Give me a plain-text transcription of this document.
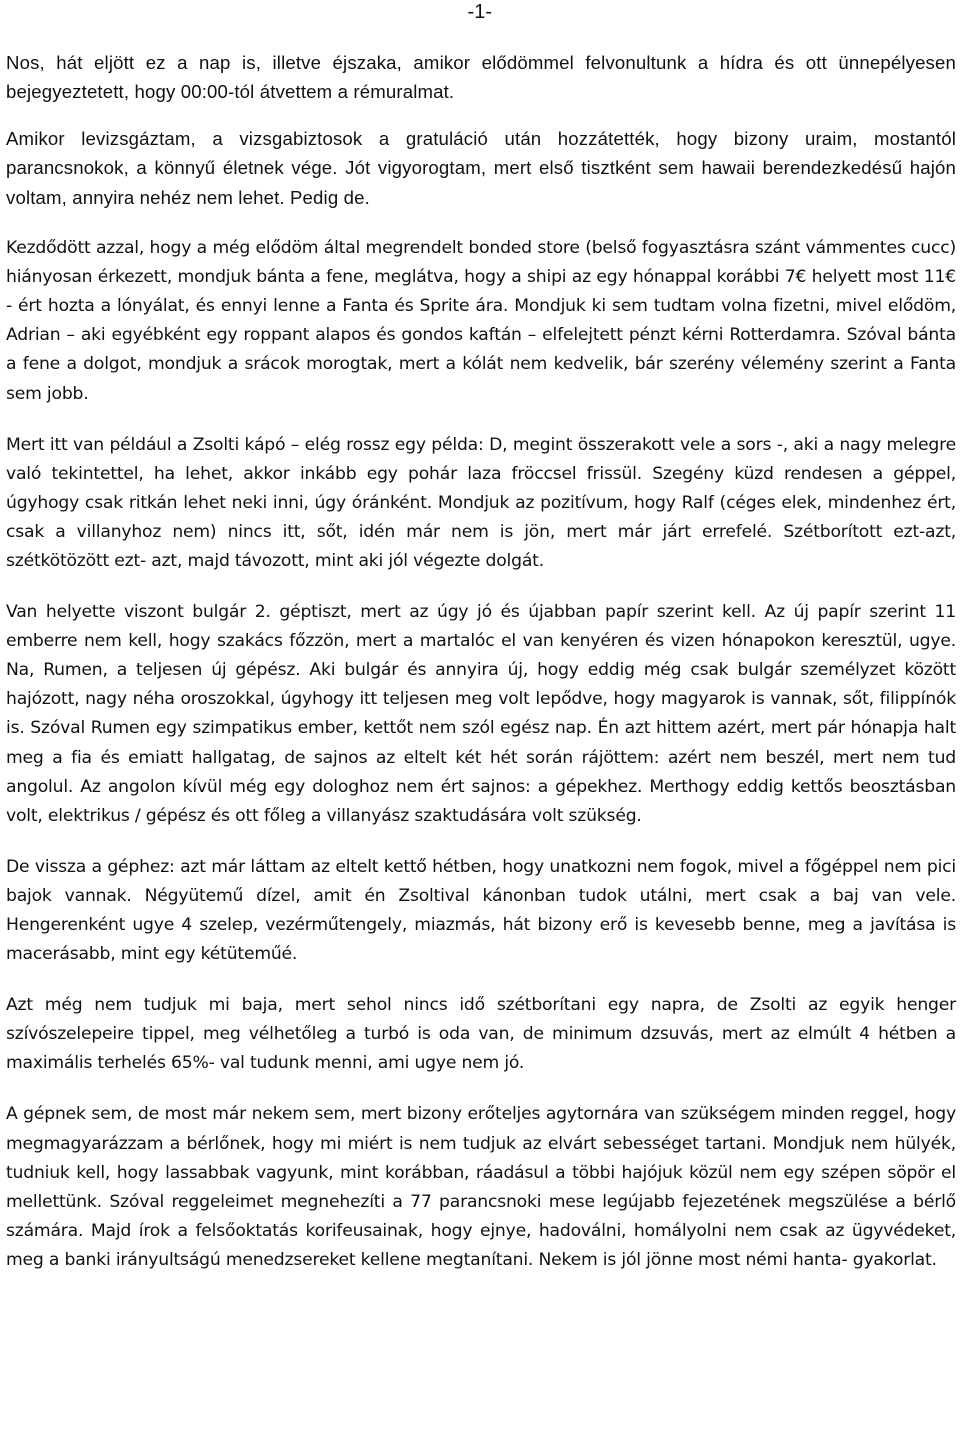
-1-

Nos, hát eljött ez a nap is, illetve éjszaka, amikor elődömmel felvonultunk a hídra és ott ünnepélyesen bejegyeztetett, hogy 00:00-tól átvettem a rémuralmat.

Amikor levizsgáztam, a vizsgabiztosok a gratuláció után hozzátették, hogy bizony uraim, mostantól parancsnokok, a könnyű életnek vége. Jót vigyorogtam, mert első tisztként sem hawaii berendezkedésű hajón voltam, annyira nehéz nem lehet. Pedig de.

Kezdődött azzal, hogy a még elődöm által megrendelt bonded store (belső fogyasztásra szánt vámmentes cucc) hiányosan érkezett, mondjuk bánta a fene, meglátva, hogy a shipi az egy hónappal korábbi 7€ helyett most 11€ - ért hozta a lónyálat, és ennyi lenne a Fanta és Sprite ára. Mondjuk ki sem tudtam volna fizetni, mivel elődöm, Adrian – aki egyébként egy roppant alapos és gondos kaftán – elfelejtett pénzt kérni Rotterdamra. Szóval bánta a fene a dolgot, mondjuk a srácok morogtak, mert a kólát nem kedvelik, bár szerény vélemény szerint a Fanta sem jobb.

Mert itt van például a Zsolti kápó – elég rossz egy példa: D, megint összerakott vele a sors -, aki a nagy melegre való tekintettel, ha lehet, akkor inkább egy pohár laza fröccsel frissül. Szegény küzd rendesen a géppel, úgyhogy csak ritkán lehet neki inni, úgy óránként. Mondjuk az pozitívum, hogy Ralf (céges elek, mindenhez ért, csak a villanyhoz nem) nincs itt, sőt, idén már nem is jön, mert már járt errefelé. Szétborított ezt-azt, szétkötözött ezt- azt, majd távozott, mint aki jól végezte dolgát.

Van helyette viszont bulgár 2. géptiszt, mert az úgy jó és újabban papír szerint kell. Az új papír szerint 11 emberre nem kell, hogy szakács főzzön, mert a martalóc el van kenyéren és vizen hónapokon keresztül, ugye. Na, Rumen, a teljesen új gépész. Aki bulgár és annyira új, hogy eddig még csak bulgár személyzet között hajózott, nagy néha oroszokkal, úgyhogy itt teljesen meg volt lepődve, hogy magyarok is vannak, sőt, filippínók is. Szóval Rumen egy szimpatikus ember, kettőt nem szól egész nap. Én azt hittem azért, mert pár hónapja halt meg a fia és emiatt hallgatag, de sajnos az eltelt két hét során rájöttem: azért nem beszél, mert nem tud angolul. Az angolon kívül még egy dologhoz nem ért sajnos: a gépekhez. Merthogy eddig kettős beosztásban volt, elektrikus / gépész és ott főleg a villanyász szaktudására volt szükség.

De vissza a géphez: azt már láttam az eltelt kettő hétben, hogy unatkozni nem fogok, mivel a főgéppel nem pici bajok vannak. Négyütemű dízel, amit én Zsoltival kánonban tudok utálni, mert csak a baj van vele. Hengerenként ugye 4 szelep, vezérműtengely, miazmás, hát bizony erő is kevesebb benne, meg a javítása is macerásabb, mint egy kétüteműé.

Azt még nem tudjuk mi baja, mert sehol nincs idő szétborítani egy napra, de Zsolti az egyik henger szívószelepeire tippel, meg vélhetőleg a turbó is oda van, de minimum dzsuvás, mert az elmúlt 4 hétben a maximális terhelés 65%- val tudunk menni, ami ugye nem jó.

A gépnek sem, de most már nekem sem, mert bizony erőteljes agytornára van szükségem minden reggel, hogy megmagyarázzam a bérlőnek, hogy mi miért is nem tudjuk az elvárt sebességet tartani. Mondjuk nem hülyék, tudniuk kell, hogy lassabbak vagyunk, mint korábban, ráadásul a többi hajójuk közül nem egy szépen söpör el mellettünk. Szóval reggeleimet megnehezíti a 77 parancsnoki mese legújabb fejezetének megszülése a bérlő számára. Majd írok a felsőoktatás korifeusainak, hogy ejnye, hadoválni, homályolni nem csak az ügyvédeket, meg a banki irányultságú menedzsereket kellene megtanítani. Nekem is jól jönne most némi hanta- gyakorlat.
